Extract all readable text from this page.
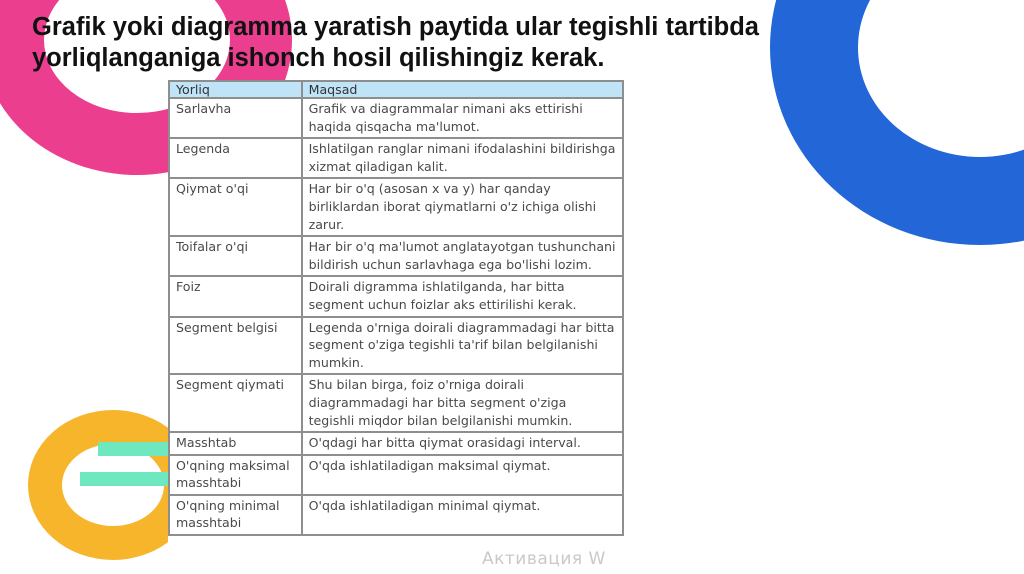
Grafik yoki diagramma yaratish paytida ular tegishli tartibda
yorliqlanganiga ishonch hosil qilishingiz kerak.
Yorliq	Maqsad
Sarlavha	Grafik va diagrammalar nimani aks ettirishi haqida qisqacha ma'lumot.
Legenda	Ishlatilgan ranglar nimani ifodalashini bildirishga xizmat qiladigan kalit.
Qiymat o'qi	Har bir o'q (asosan x va y) har qanday birliklardan iborat qiymatlarni o'z ichiga olishi zarur.
Toifalar o'qi	Har bir o'q ma'lumot anglatayotgan tushunchani bildirish uchun sarlavhaga ega bo'lishi lozim.
Foiz	Doirali digramma ishlatilganda, har bitta segment uchun foizlar aks ettirilishi kerak.
Segment belgisi	Legenda o'rniga doirali diagrammadagi har bitta segment o'ziga tegishli ta'rif bilan belgilanishi mumkin.
Segment qiymati	Shu bilan birga, foiz o'rniga doirali diagrammadagi har bitta segment o'ziga tegishli miqdor bilan belgilanishi mumkin.
Masshtab	O'qdagi har bitta qiymat orasidagi interval.
O'qning maksimal masshtabi	O'qda ishlatiladigan maksimal qiymat.
O'qning minimal masshtabi	O'qda ishlatiladigan minimal qiymat.
Активация W
